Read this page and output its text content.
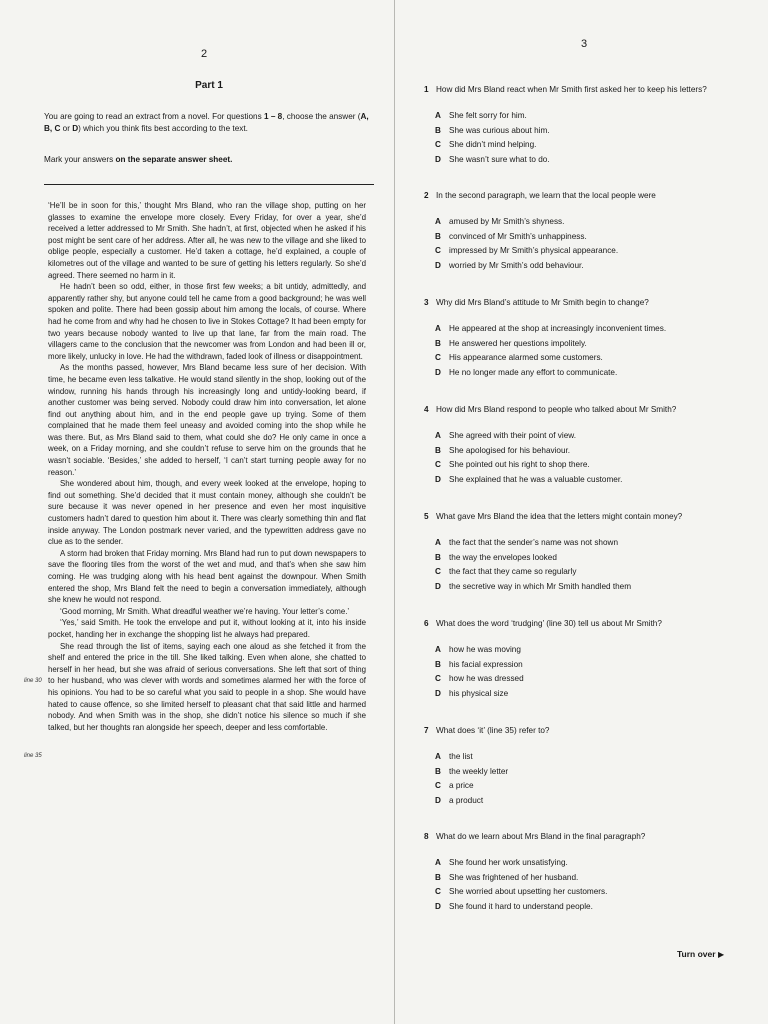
2
Part 1
You are going to read an extract from a novel. For questions 1 – 8, choose the answer (A, B, C or D) which you think fits best according to the text.
Mark your answers on the separate answer sheet.
line 30
line 35

‘He’ll be in soon for this,’ thought Mrs Bland, who ran the village shop, putting on her glasses to examine the envelope more closely. Every Friday, for over a year, she’d received a letter addressed to Mr Smith. She hadn’t, at first, objected when he asked if his post might be sent care of her address. After all, he was new to the village and she liked to oblige people, especially a customer. He’d taken a cottage, he’d explained, a couple of kilometres out of the village and wanted to be sure of getting his letters regularly. So she’d agreed. There seemed no harm in it.

He hadn’t been so odd, either, in those first few weeks; a bit untidy, admittedly, and apparently rather shy, but anyone could tell he came from a good background; he was well spoken and polite. There had been gossip about him among the locals, of course. Where had he come from and why had he chosen to live in Stokes Cottage? It had been empty for two years because nobody wanted to live up that lane, far from the main road. The villagers came to the conclusion that the newcomer was from London and had been ill or, more likely, unlucky in love. He had the withdrawn, faded look of illness or disappointment.

As the months passed, however, Mrs Bland became less sure of her decision. With time, he became even less talkative. He would stand silently in the shop, looking out of the window, running his hands through his increasingly long and untidy-looking beard, if another customer was being served. Nobody could draw him into conversation, let alone find out anything about him, and in the end people gave up trying. Some of them complained that he made them feel uneasy and avoided coming into the shop while he was there. But, as Mrs Bland said to them, what could she do? He only came in once a week, on a Friday morning, and she couldn’t refuse to serve him on the grounds that he wasn’t sociable. ‘Besides,’ she added to herself, ‘I can’t start turning people away for no reason.’

She wondered about him, though, and every week looked at the envelope, hoping to find out something. She’d decided that it must contain money, although she couldn’t be sure because it was never opened in her presence and even her most inquisitive customers hadn’t dared to question him about it. There was clearly something thin and flat inside anyway. The London postmark never varied, and the typewritten address gave no clue as to the sender.

A storm had broken that Friday morning. Mrs Bland had run to put down newspapers to save the flooring tiles from the worst of the wet and mud, and that’s when she saw him coming. He was trudging along with his head bent against the downpour. When Smith entered the shop, Mrs Bland felt the need to begin a conversation immediately, although she knew he would not respond.

‘Good morning, Mr Smith. What dreadful weather we’re having. Your letter’s come.’

‘Yes,’ said Smith. He took the envelope and put it, without looking at it, into his inside pocket, handing her in exchange the shopping list he always had prepared.

She read through the list of items, saying each one aloud as she fetched it from the shelf and entered the price in the till. She liked talking. Even when alone, she chatted to herself in her head, but she was afraid of serious conversations. She left that sort of thing to her husband, who was clever with words and sometimes alarmed her with the force of his opinions. You had to be so careful what you said to people in a shop. She would have hated to cause offence, so she limited herself to pleasant chat that said little and harmed nobody. And when Smith was in the shop, she didn’t notice his silence so much if she talked, but her thoughts ran alongside her speech, deeper and less comfortable.

3
1 How did Mrs Bland react when Mr Smith first asked her to keep his letters?
A She felt sorry for him.
B She was curious about him.
C She didn’t mind helping.
D She wasn’t sure what to do.
2 In the second paragraph, we learn that the local people were
A amused by Mr Smith’s shyness.
B convinced of Mr Smith’s unhappiness.
C impressed by Mr Smith’s physical appearance.
D worried by Mr Smith’s odd behaviour.
3 Why did Mrs Bland’s attitude to Mr Smith begin to change?
A He appeared at the shop at increasingly inconvenient times.
B He answered her questions impolitely.
C His appearance alarmed some customers.
D He no longer made any effort to communicate.
4 How did Mrs Bland respond to people who talked about Mr Smith?
A She agreed with their point of view.
B She apologised for his behaviour.
C She pointed out his right to shop there.
D She explained that he was a valuable customer.
5 What gave Mrs Bland the idea that the letters might contain money?
A the fact that the sender’s name was not shown
B the way the envelopes looked
C the fact that they came so regularly
D the secretive way in which Mr Smith handled them
6 What does the word ‘trudging’ (line 30) tell us about Mr Smith?
A how he was moving
B his facial expression
C how he was dressed
D his physical size
7 What does ‘it’ (line 35) refer to?
A the list
B the weekly letter
C a price
D a product
8 What do we learn about Mrs Bland in the final paragraph?
A She found her work unsatisfying.
B She was frightened of her husband.
C She worried about upsetting her customers.
D She found it hard to understand people.
Turn over ▶
